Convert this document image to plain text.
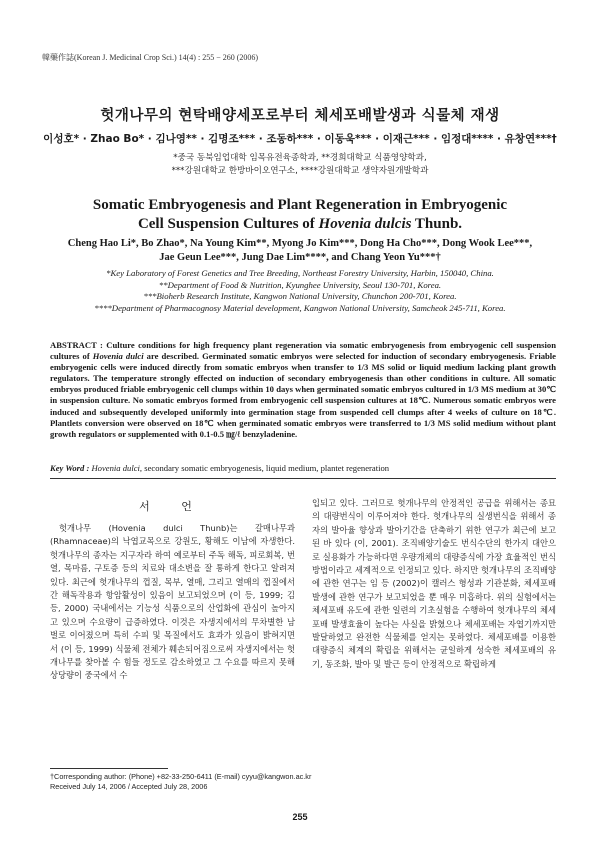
韓藥作誌(Korean J. Medicinal Crop Sci.) 14(4) : 255 − 260 (2006)
헛개나무의 현탁배양세포로부터 체세포배발생과 식물체 재생
이성호* · Zhao Bo* · 김나영** · 김명조*** · 조동하*** · 이동욱*** · 이재근*** · 임정대**** · 유창연***†
*중국 동북임업대학 임목유전육종학과, **경희대학교 식품영양학과,
***강원대학교 한방바이오연구소, ****강원대학교 생약자원개발학과
Somatic Embryogenesis and Plant Regeneration in Embryogenic
Cell Suspension Cultures of Hovenia dulcis Thunb.
Cheng Hao Li*, Bo Zhao*, Na Young Kim**, Myong Jo Kim***, Dong Ha Cho***, Dong Wook Lee***,
Jae Geun Lee***, Jung Dae Lim****, and Chang Yeon Yu***†
*Key Laboratory of Forest Genetics and Tree Breeding, Northeast Forestry University, Harbin, 150040, China.
**Department of Food & Nutrition, Kyunghee University, Seoul 130-701, Korea.
***Bioherb Research Institute, Kangwon National University, Chunchon 200-701, Korea.
****Department of Pharmacognosy Material development, Kangwon National University, Samcheok 245-711, Korea.
ABSTRACT : Culture conditions for high frequency plant regeneration via somatic embryogenesis from embryogenic cell suspension cultures of Hovenia dulci are described. Germinated somatic embryos were selected for induction of secondary embryogenesis. Friable embryogenic cells were induced directly from somatic embryos when transfer to 1/3 MS solid or liquid medium lacking plant growth regulators. The temperature strongly effected on induction of secondary embryogenesis than other conditions in culture. All somatic embryos produced friable embryogenic cell clumps within 10 days when germinated somatic embryos cultured in 1/3 MS medium at 30℃ in suspension culture. No somatic embryos formed from embryogenic cell suspension cultures at 18℃. Numerous somatic embryos were induced and subsequently developed uniformly into germination stage from suspended cell clumps after 4 weeks of culture on 18℃. Plantlets conversion were observed on 18℃ when germinated somatic embryos were transferred to 1/3 MS solid medium without plant growth regulators or supplemented with 0.1-0.5 ㎎/ℓ benzyladenine.
Key Word : Hovenia dulci, secondary somatic embryogenesis, liquid medium, plantet regeneration
서 언
헛개나무 (Hovenia dulci Thunb)는 갈매나무과 (Rhamnaceae)의 낙엽교목으로 강원도, 황해도 이남에 자생한다. 헛개나무의 종자는 지구자라 하여 예로부터 주독 해독, 피로회복, 번열, 목마름, 구토증 등의 치료와 대소변을 잘 통하게 한다고 알려져 있다. 최근에 헛개나무의 껍질, 목부, 열매, 그리고 열매의 껍질에서 간 해독작용과 항암활성이 있음이 보고되었으며 (이 등, 1999; 김 등, 2000) 국내에서는 기능성 식품으로의 산업화에 관심이 높아지고 있으며 수요량이 급증하였다. 이것은 자생지에서의 무차별한 남벌로 이어졌으며 특히 수피 및 목질에서도 효과가 있음이 밝혀지면서 (이 등, 1999) 식물체 전체가 훼손되어짐으로써 자생지에서는 헛개나무를 찾아볼 수 힘들 정도로 감소하였고 그 수요를 따르지 못해 상당량이 중국에서 수
입되고 있다. 그러므로 헛개나무의 안정적인 공급을 위해서는 종묘의 대량번식이 이루어져야 한다. 헛개나무의 실생번식을 위해서 종자의 발아율 향상과 발아기간을 단축하기 위한 연구가 최근에 보고된 바 있다 (이, 2001). 조직배양기술도 번식수단의 한가지 대안으로 실용화가 가능하다면 우량개체의 대량증식에 가장 효율적인 번식방법이라고 세계적으로 인정되고 있다. 하지만 헛개나무의 조직배양에 관한 연구는 임 등 (2002)이 캘러스 형성과 기관분화, 체세포배발생에 관한 연구가 보고되었을 뿐 매우 미흡하다. 위의 실험에서는 체세포배 유도에 관한 일련의 기초실험을 수행하여 헛개나무의 체세포배 발생효율이 높다는 사실을 밝혔으나 체세포배는 자엽기까지만 발달하였고 완전한 식물체를 얻지는 못하였다. 체세포배를 이용한 대량증식 체계의 확립을 위해서는 균일하게 성숙한 체세포배의 유기, 동조화, 발아 및 발근 등이 안정적으로 확립하게
†Corresponding author: (Phone) +82-33-250-6411 (E-mail) cyyu@kangwon.ac.kr
Received July 14, 2006 / Accepted July 28, 2006
255
